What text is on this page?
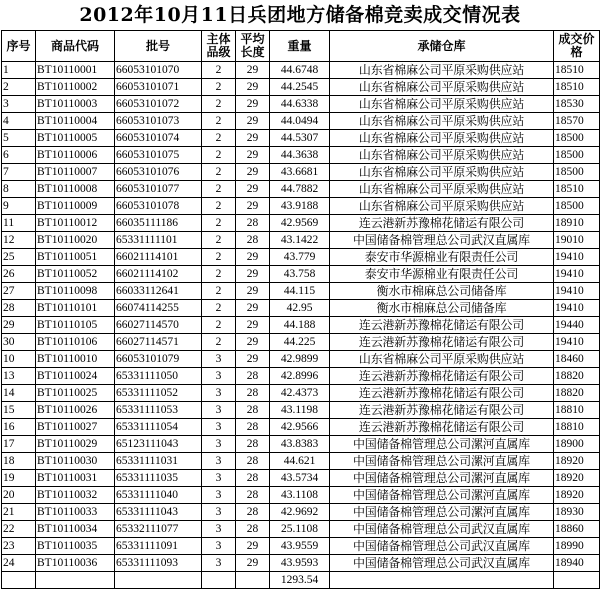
2012年10月11日兵团地方储备棉竞卖成交情况表
序号	商品代码	批号	主体品级	平均长度	重量	承储仓库	成交价格
1	BT10110001	66053101070	2	29	44.6748	山东省棉麻公司平原采购供应站	18510
2	BT10110002	66053101071	2	29	44.2545	山东省棉麻公司平原采购供应站	18510
3	BT10110003	66053101072	2	29	44.6338	山东省棉麻公司平原采购供应站	18530
4	BT10110004	66053101073	2	29	44.0494	山东省棉麻公司平原采购供应站	18570
5	BT10110005	66053101074	2	29	44.5307	山东省棉麻公司平原采购供应站	18500
6	BT10110006	66053101075	2	29	44.3638	山东省棉麻公司平原采购供应站	18500
7	BT10110007	66053101076	2	29	43.6681	山东省棉麻公司平原采购供应站	18500
8	BT10110008	66053101077	2	29	44.7882	山东省棉麻公司平原采购供应站	18510
9	BT10110009	66053101078	2	29	43.9188	山东省棉麻公司平原采购供应站	18500
11	BT10110012	66035111186	2	28	42.9569	连云港新苏豫棉花储运有限公司	18910
12	BT10110020	65331111101	2	28	43.1422	中国储备棉管理总公司武汉直属库	19010
25	BT10110051	66021114101	2	29	43.779	泰安市华源棉业有限责任公司	19410
26	BT10110052	66021114102	2	29	43.758	泰安市华源棉业有限责任公司	19410
27	BT10110098	66033112641	2	29	44.115	衡水市棉麻总公司储备库	19410
28	BT10110101	66074114255	2	29	42.95	衡水市棉麻总公司储备库	19410
29	BT10110105	66027114570	2	29	44.188	连云港新苏豫棉花储运有限公司	19440
30	BT10110106	66027114571	2	29	44.225	连云港新苏豫棉花储运有限公司	19410
10	BT10110010	66053101079	3	29	42.9899	山东省棉麻公司平原采购供应站	18460
13	BT10110024	65331111050	3	28	42.8996	连云港新苏豫棉花储运有限公司	18820
14	BT10110025	65331111052	3	28	42.4373	连云港新苏豫棉花储运有限公司	18820
15	BT10110026	65331111053	3	28	43.1198	连云港新苏豫棉花储运有限公司	18810
16	BT10110027	65331111054	3	28	42.9566	连云港新苏豫棉花储运有限公司	18810
17	BT10110029	65123111043	3	28	43.8383	中国储备棉管理总公司漯河直属库	18900
18	BT10110030	65331111031	3	28	44.621	中国储备棉管理总公司漯河直属库	18920
19	BT10110031	65331111035	3	28	43.5734	中国储备棉管理总公司漯河直属库	18920
20	BT10110032	65331111040	3	28	43.1108	中国储备棉管理总公司漯河直属库	18920
21	BT10110033	65331111043	3	28	42.9692	中国储备棉管理总公司漯河直属库	18930
22	BT10110034	65332111077	3	28	25.1108	中国储备棉管理总公司武汉直属库	18860
23	BT10110035	65331111091	3	29	43.9559	中国储备棉管理总公司武汉直属库	18990
24	BT10110036	65331111093	3	29	43.9593	中国储备棉管理总公司武汉直属库	18940
					1293.54		
